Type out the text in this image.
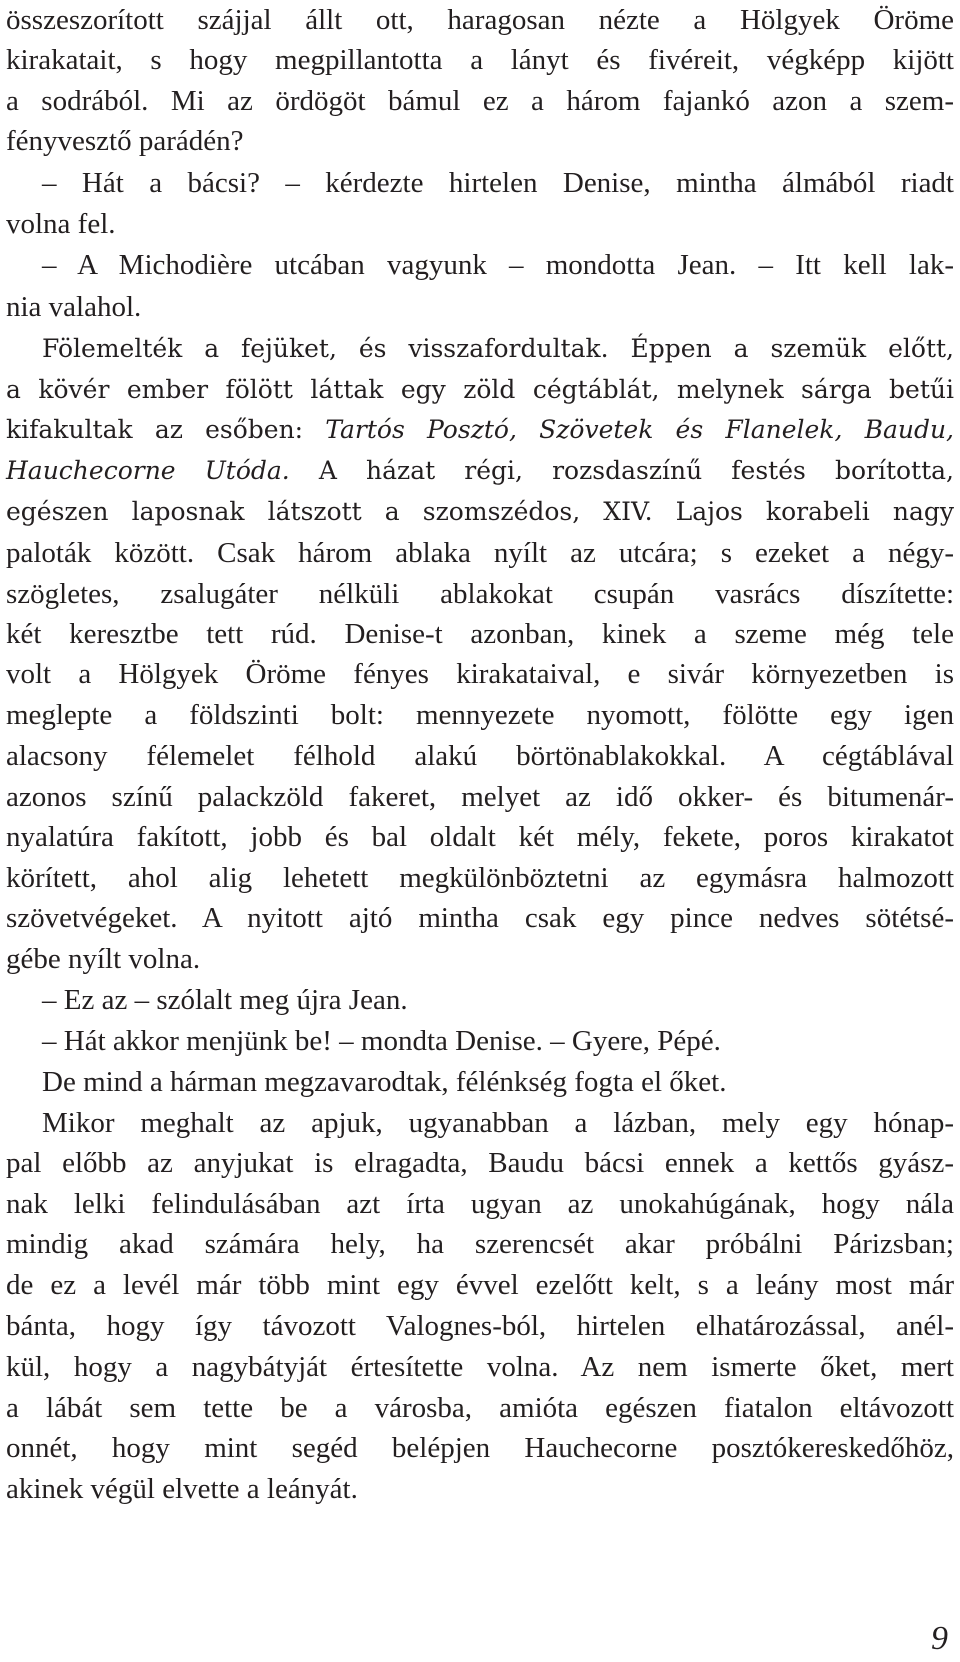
összeszorított szájjal állt ott, haragosan nézte a Hölgyek Öröme
kirakatait, s hogy megpillantotta a lányt és fivéreit, végképp kijött
a sodrából. Mi az ördögöt bámul ez a három fajankó azon a szem-
fényvesztő parádén?
– Hát a bácsi? – kérdezte hirtelen Denise, mintha álmából riadt
volna fel.
– A Michodière utcában vagyunk – mondotta Jean. – Itt kell lak-
nia valahol.
Fölemelték a fejüket, és visszafordultak. Éppen a szemük előtt,
a kövér ember fölött láttak egy zöld cégtáblát, melynek sárga betűi
kifakultak az esőben: Tartós Posztó, Szövetek és Flanelek, Baudu,
Hauchecorne Utóda. A házat régi, rozsdaszínű festés borította,
egészen laposnak látszott a szomszédos, XIV. Lajos korabeli nagy
paloták között. Csak három ablaka nyílt az utcára; s ezeket a négy-
szögletes, zsalugáter nélküli ablakokat csupán vasrács díszítette:
két keresztbe tett rúd. Denise-t azonban, kinek a szeme még tele
volt a Hölgyek Öröme fényes kirakataival, e sivár környezetben is
meglepte a földszinti bolt: mennyezete nyomott, fölötte egy igen
alacsony félemelet félhold alakú börtönablakokkal. A cégtáblával
azonos színű palackzöld fakeret, melyet az idő okker- és bitumenár-
nyalatúra fakított, jobb és bal oldalt két mély, fekete, poros kirakatot
körített, ahol alig lehetett megkülönböztetni az egymásra halmozott
szövetvégeket. A nyitott ajtó mintha csak egy pince nedves sötétsé-
gébe nyílt volna.
– Ez az – szólalt meg újra Jean.
– Hát akkor menjünk be! – mondta Denise. – Gyere, Pépé.
De mind a hárman megzavarodtak, félénkség fogta el őket.
Mikor meghalt az apjuk, ugyanabban a lázban, mely egy hónap-
pal előbb az anyjukat is elragadta, Baudu bácsi ennek a kettős gyász-
nak lelki felindulásában azt írta ugyan az unokahúgának, hogy nála
mindig akad számára hely, ha szerencsét akar próbálni Párizsban;
de ez a levél már több mint egy évvel ezelőtt kelt, s a leány most már
bánta, hogy így távozott Valognes-ból, hirtelen elhatározással, anél-
kül, hogy a nagybátyját értesítette volna. Az nem ismerte őket, mert
a lábát sem tette be a városba, amióta egészen fiatalon eltávozott
onnét, hogy mint segéd belépjen Hauchecorne posztókereskedőhöz,
akinek végül elvette a leányát.
9
